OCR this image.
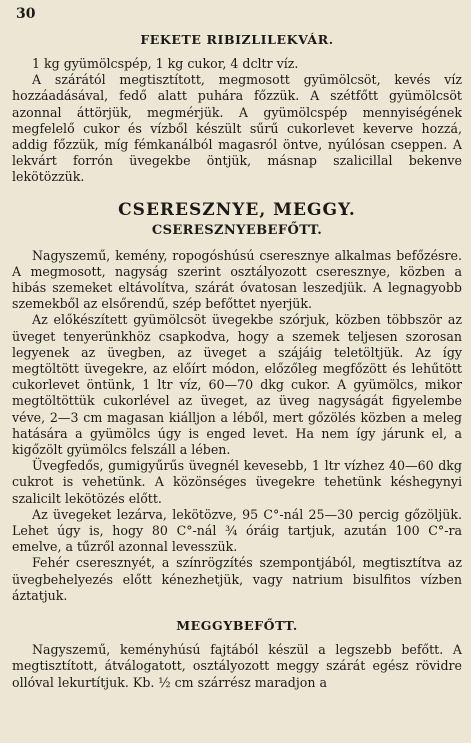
30
FEKETE RIBIZLILEKVÁR.

1 kg gyümölcspép, 1 kg cukor, 4 dcltr víz.

A szárától megtisztított, megmosott gyümölcsöt, kevés víz hozzáadásával, fedő alatt puhára főzzük. A szétfőtt gyümölcsöt azonnal áttörjük, megmérjük. A gyümölcspép mennyiségének megfelelő cukor és vízből készült sűrű cukorlevet keverve hozzá, addig főzzük, míg fémkanálból magasról öntve, nyúlósan cseppen. A lekvárt forrón üvegekbe öntjük, másnap szalicillal bekenve lekötözzük.

CSERESZNYE, MEGGY.
CSERESZNYEBEFŐTT.

Nagyszemű, kemény, ropogóshúsú cseresznye alkalmas befőzésre. A megmosott, nagyság szerint osztályozott cseresznye, közben a hibás szemeket eltávolítva, szárát óvatosan leszedjük. A legnagyobb szemekből az elsőrendű, szép befőttet nyerjük.

Az előkészített gyümölcsöt üvegekbe szórjuk, közben többször az üveget tenyerünkhöz csapkodva, hogy a szemek teljesen szorosan legyenek az üvegben, az üveget a szájáig teletöltjük. Az így megtöltött üvegekre, az előírt módon, előzőleg megfőzött és lehűtött cukorlevet öntünk, 1 ltr víz, 60—70 dkg cukor. A gyümölcs, mikor megtöltöttük cukorlével az üveget, az üveg nagyságát figyelembe véve, 2—3 cm magasan kiálljon a léből, mert gőzölés közben a meleg hatására a gyümölcs úgy is enged levet. Ha nem így járunk el, a kigőzölt gyümölcs felszáll a lében.

Üvegfedős, gumigyűrűs üvegnél kevesebb, 1 ltr vízhez 40—60 dkg cukrot is vehetünk. A közönséges üvegekre tehetünk késhegynyi szalicilt lekötözés előtt.

Az üvegeket lezárva, lekötözve, 95 C°-nál 25—30 percig gőzöljük. Lehet úgy is, hogy 80 C°-nál ¾ óráig tartjuk, azután 100 C°-ra emelve, a tűzről azonnal levesszük.

Fehér cseresznyét, a színrögzítés szempontjából, megtisztítva az üvegbehelyezés előtt kénezhetjük, vagy natrium bisulfitos vízben áztatjuk.

MEGGYBEFŐTT.

Nagyszemű, keményhúsú fajtából készül a legszebb befőtt. A megtisztított, átválogatott, osztályozott meggy szárát egész rövidre ollóval lekurtítjuk. Kb. ½ cm szárrész maradjon a
